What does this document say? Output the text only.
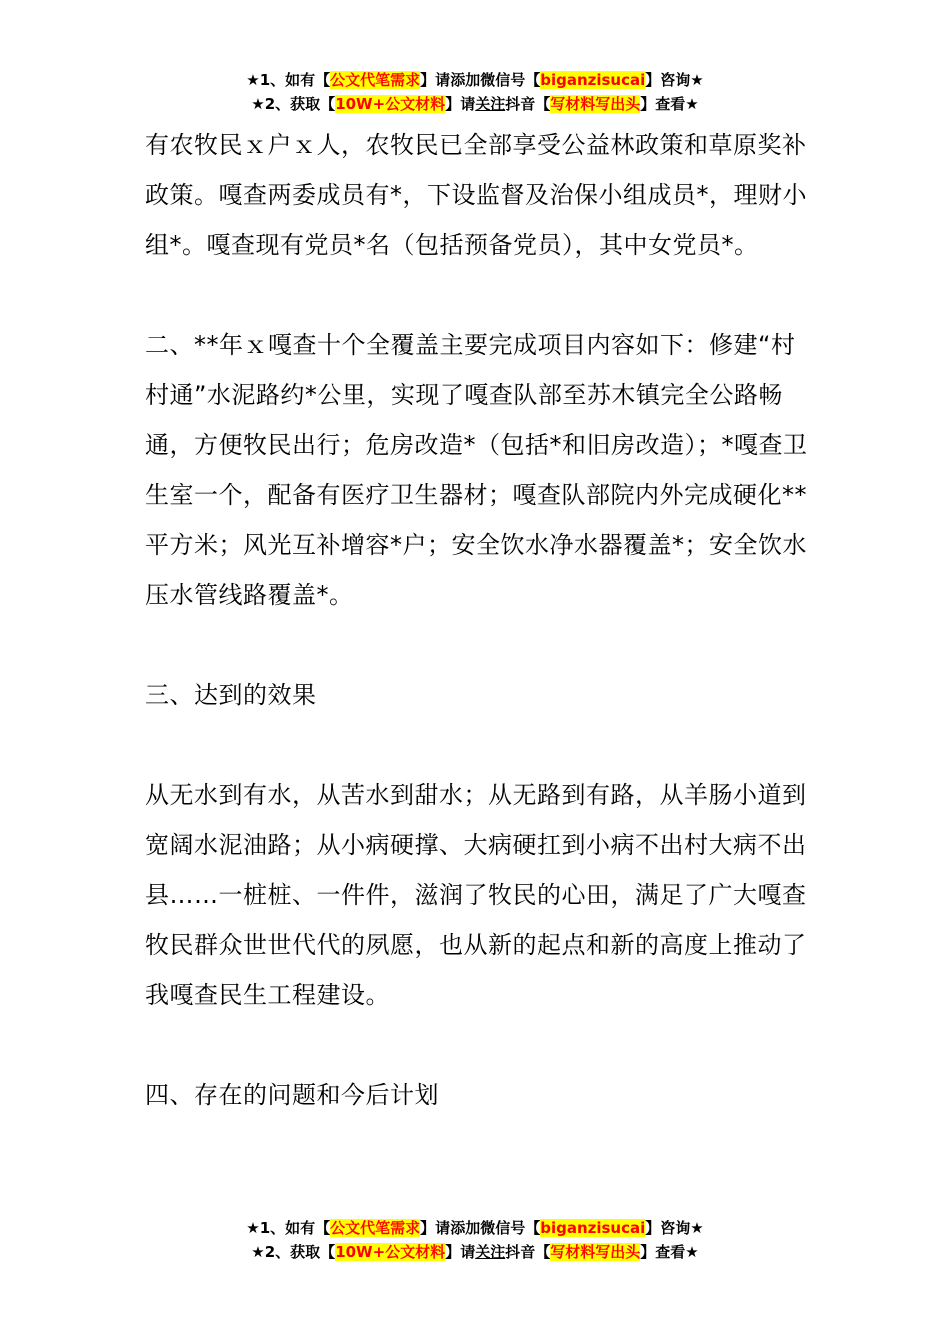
★1、如有【公文代笔需求】请添加微信号【biganzisucai】咨询★
★2、获取【10W+公文材料】请关注抖音【写材料写出头】查看★

有农牧民ｘ户ｘ人，农牧民已全部享受公益林政策和草原奖补政策。嘎查两委成员有*，下设监督及治保小组成员*，理财小组*。嘎查现有党员*名（包括预备党员），其中女党员*。

二、**年ｘ嘎查十个全覆盖主要完成项目内容如下：修建“村村通”水泥路约*公里，实现了嘎查队部至苏木镇完全公路畅通，方便牧民出行；危房改造*（包括*和旧房改造）；*嘎查卫生室一个，配备有医疗卫生器材；嘎查队部院内外完成硬化**平方米；风光互补增容*户；安全饮水净水器覆盖*；安全饮水压水管线路覆盖*。

三、达到的效果

从无水到有水，从苦水到甜水；从无路到有路，从羊肠小道到宽阔水泥油路；从小病硬撑、大病硬扛到小病不出村大病不出县……一桩桩、一件件，滋润了牧民的心田，满足了广大嘎查牧民群众世世代代的夙愿，也从新的起点和新的高度上推动了我嘎查民生工程建设。

四、存在的问题和今后计划

★1、如有【公文代笔需求】请添加微信号【biganzisucai】咨询★
★2、获取【10W+公文材料】请关注抖音【写材料写出头】查看★
